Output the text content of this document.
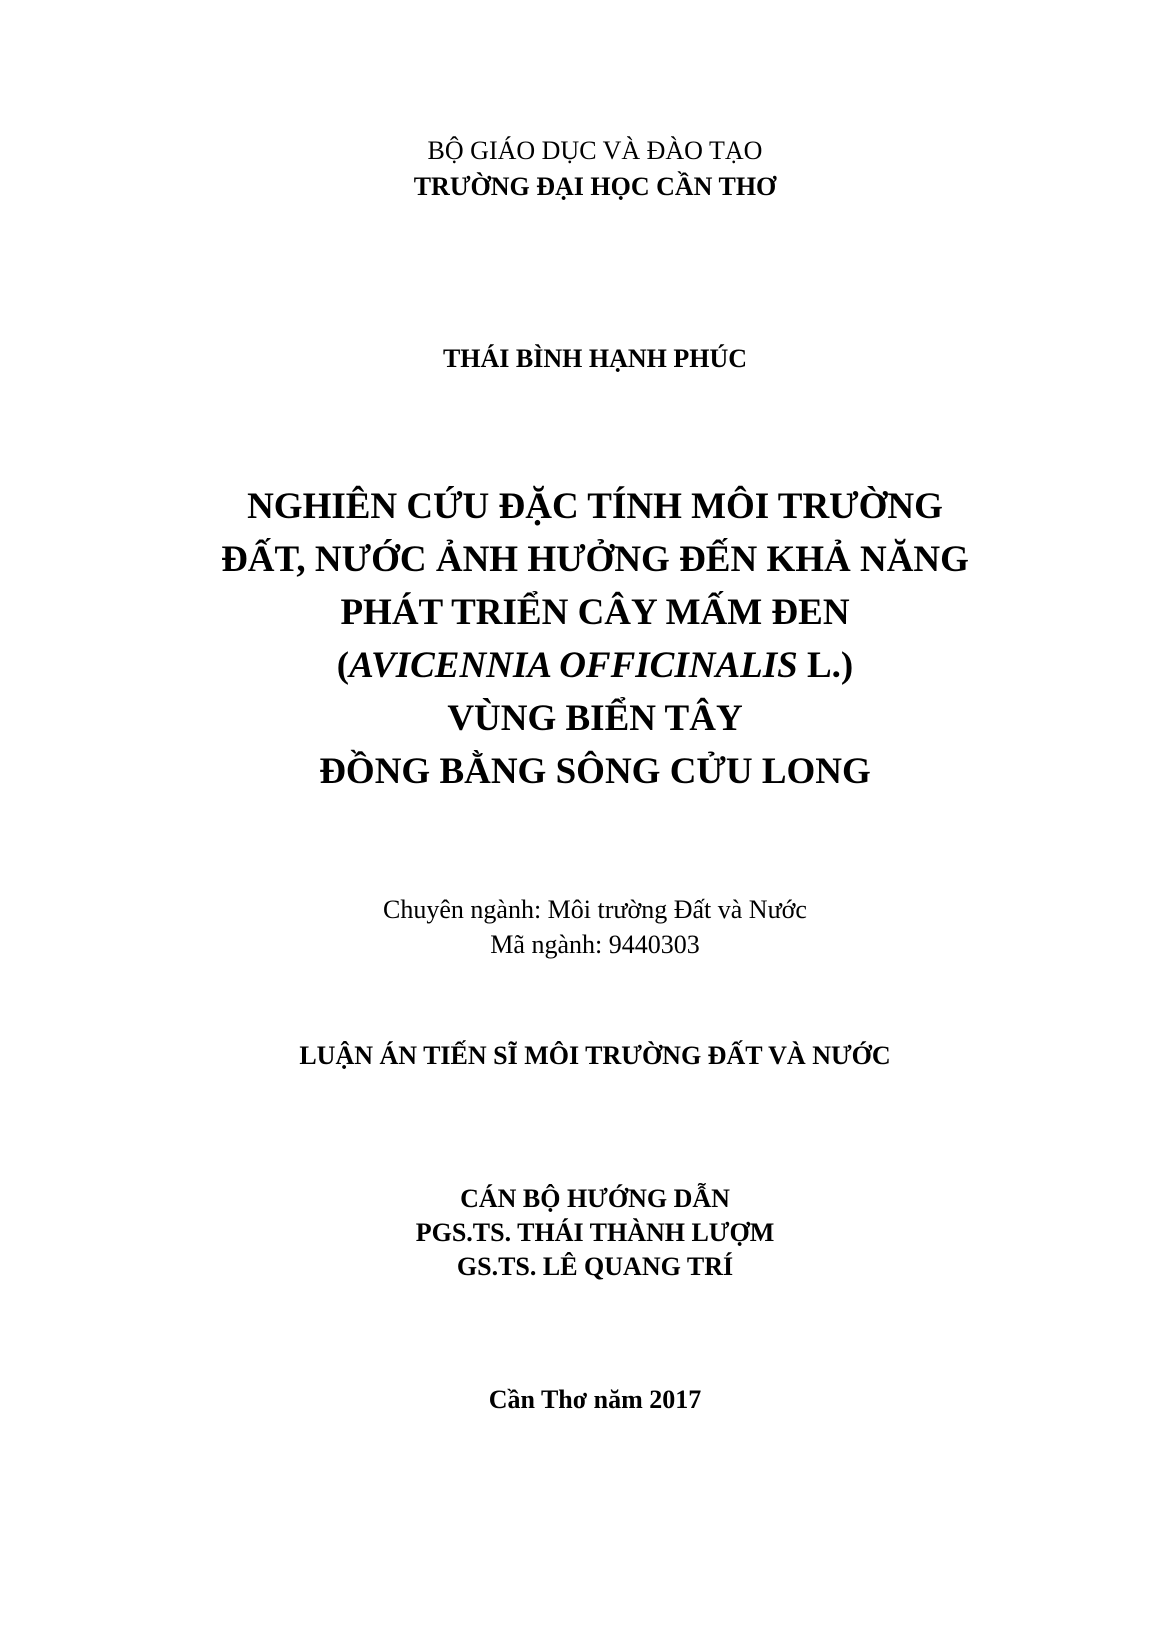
BỘ GIÁO DỤC VÀ ĐÀO TẠO
TRƯỜNG ĐẠI HỌC CẦN THƠ
THÁI BÌNH HẠNH PHÚC
NGHIÊN CỨU ĐẶC TÍNH MÔI TRƯỜNG
ĐẤT, NƯỚC ẢNH HƯỞNG ĐẾN KHẢ NĂNG
PHÁT TRIỂN CÂY MẤM ĐEN
(AVICENNIA OFFICINALIS L.)
VÙNG BIỂN TÂY
ĐỒNG BẰNG SÔNG CỬU LONG
Chuyên ngành: Môi trường Đất và Nước
Mã ngành: 9440303
LUẬN ÁN TIẾN SĨ MÔI TRƯỜNG ĐẤT VÀ NƯỚC
CÁN BỘ HƯỚNG DẪN
PGS.TS. THÁI THÀNH LƯỢM
GS.TS. LÊ QUANG TRÍ
Cần Thơ năm 2017
